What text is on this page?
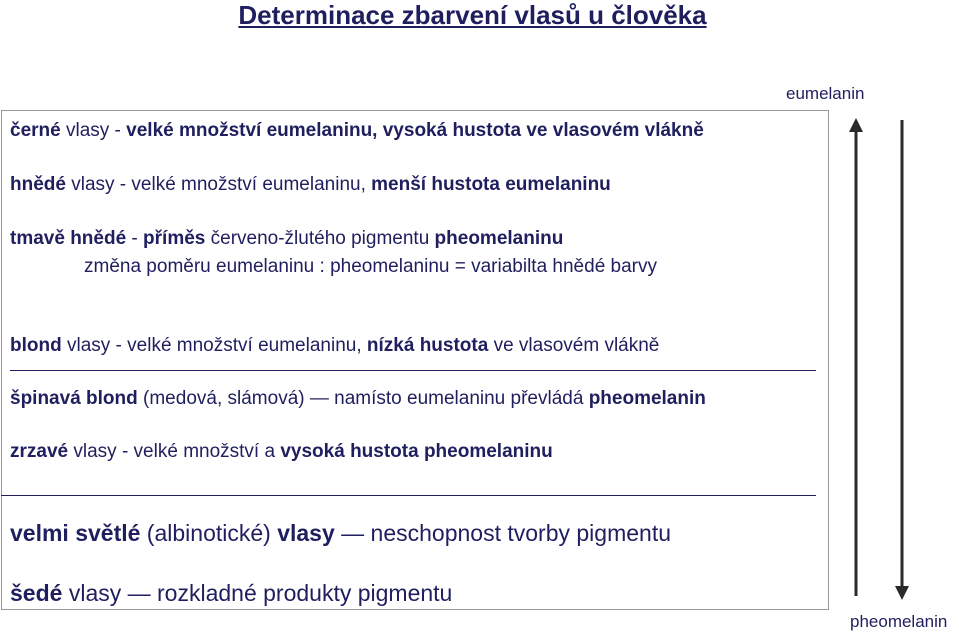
Determinace zbarvení vlasů u člověka
eumelanin
pheomelanin
černé vlasy - velké množství eumelaninu, vysoká hustota ve vlasovém vlákně
hnědé vlasy - velké množství eumelaninu, menší hustota eumelaninu
tmavě hnědé - příměs červeno-žlutého pigmentu pheomelaninu
změna poměru eumelaninu : pheomelaninu = variabilta hnědé barvy
blond vlasy - velké množství eumelaninu, nízká hustota ve vlasovém vlákně
špinavá blond (medová, slámová) ― namísto eumelaninu převládá pheomelanin
zrzavé vlasy - velké množství a vysoká hustota pheomelaninu
velmi světlé (albinotické) vlasy ― neschopnost tvorby pigmentu
šedé vlasy ― rozkladné produkty pigmentu
